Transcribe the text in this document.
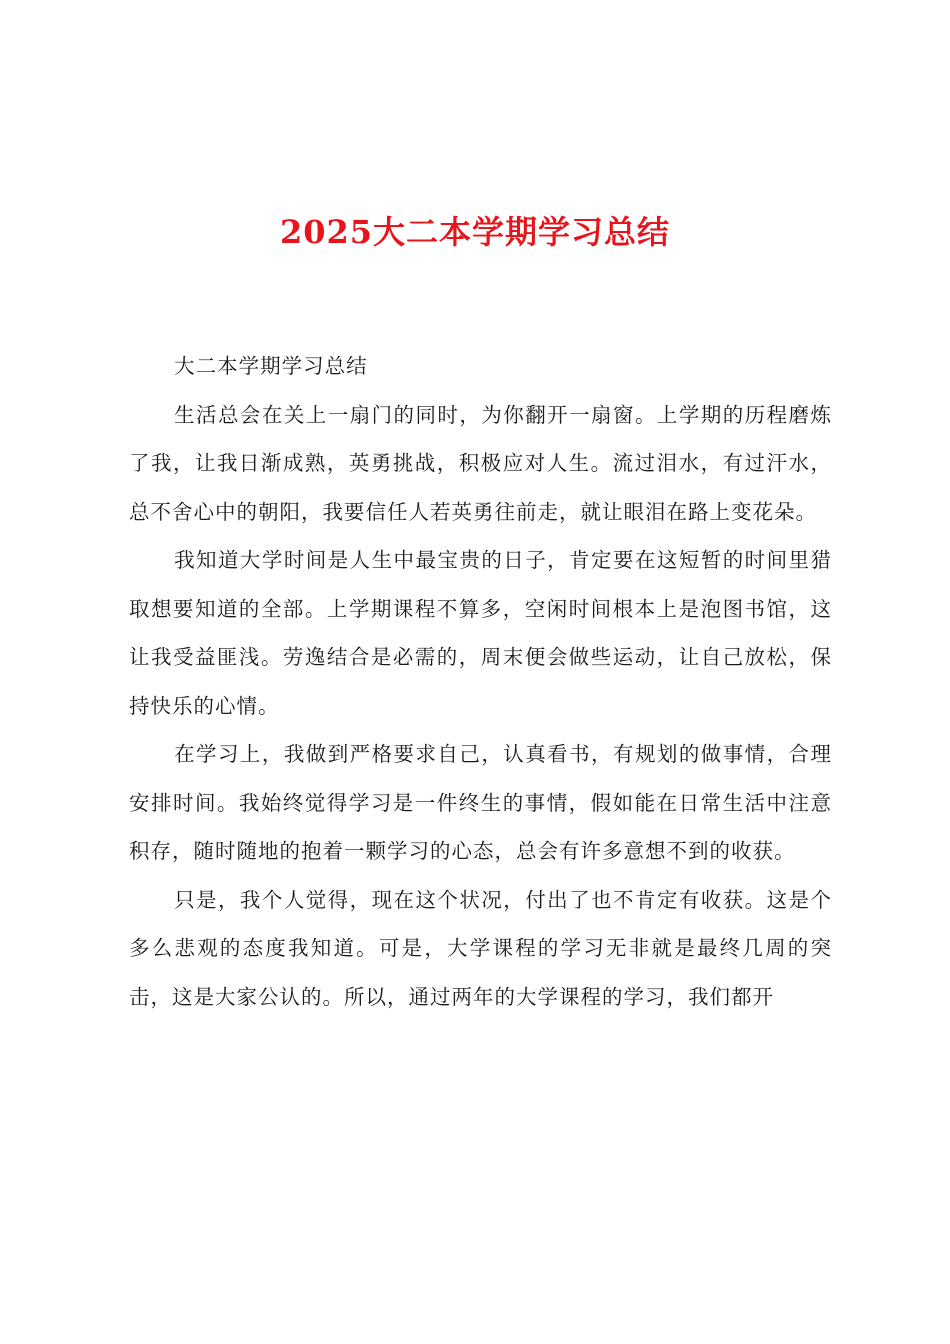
2025大二本学期学习总结

大二本学期学习总结

生活总会在关上一扇门的同时，为你翻开一扇窗。上学期的历程磨炼了我，让我日渐成熟，英勇挑战，积极应对人生。流过泪水，有过汗水，总不舍心中的朝阳，我要信任人若英勇往前走，就让眼泪在路上变花朵。

我知道大学时间是人生中最宝贵的日子，肯定要在这短暂的时间里猎取想要知道的全部。上学期课程不算多，空闲时间根本上是泡图书馆，这让我受益匪浅。劳逸结合是必需的，周末便会做些运动，让自己放松，保持快乐的心情。

在学习上，我做到严格要求自己，认真看书，有规划的做事情，合理安排时间。我始终觉得学习是一件终生的事情，假如能在日常生活中注意积存，随时随地的抱着一颗学习的心态，总会有许多意想不到的收获。

只是，我个人觉得，现在这个状况，付出了也不肯定有收获。这是个多么悲观的态度我知道。可是，大学课程的学习无非就是最终几周的突击，这是大家公认的。所以，通过两年的大学课程的学习，我们都开
